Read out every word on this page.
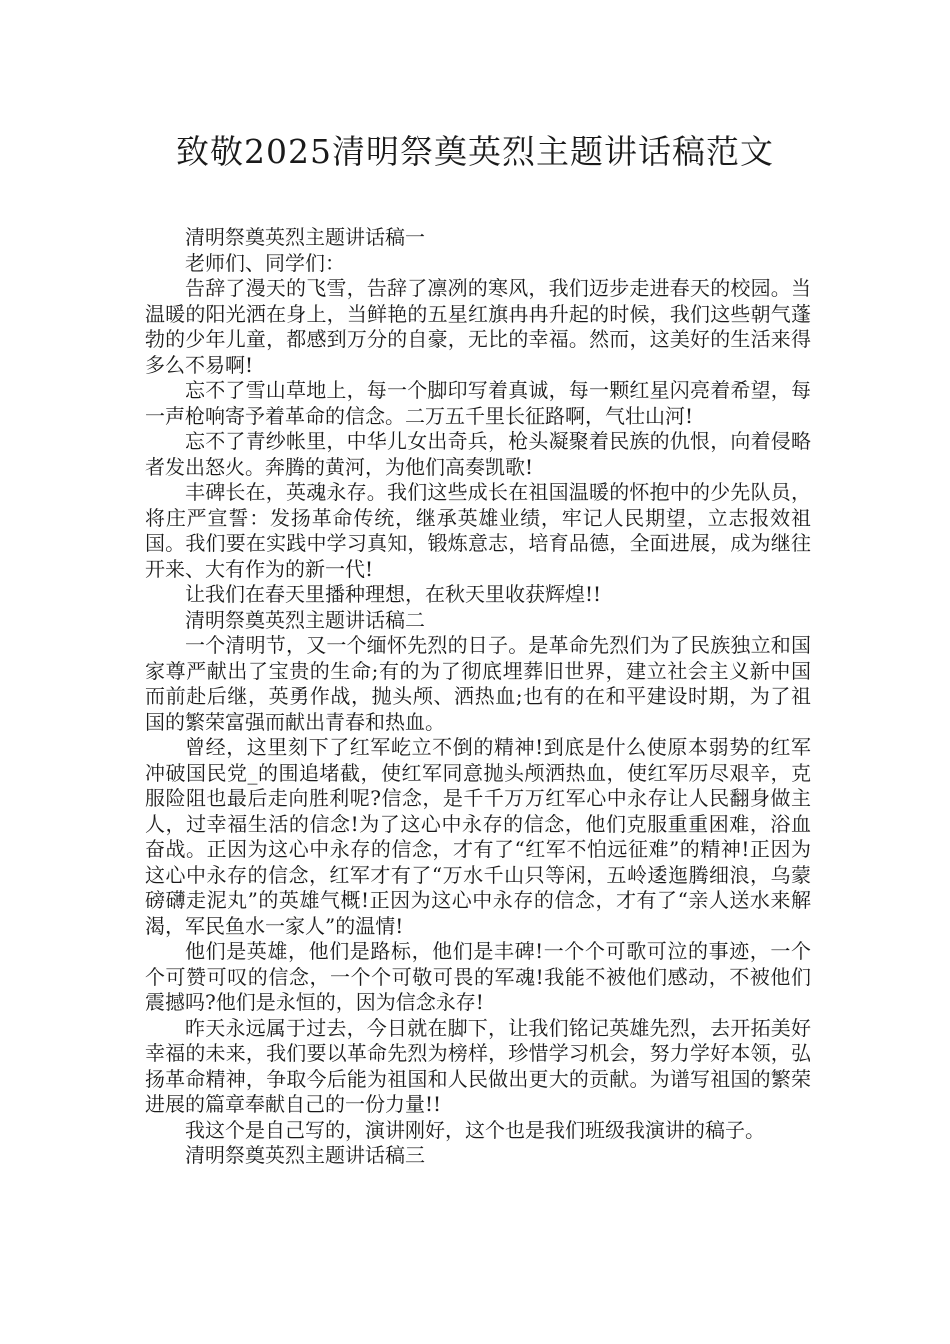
致敬2025清明祭奠英烈主题讲话稿范文

清明祭奠英烈主题讲话稿一

老师们、同学们：

告辞了漫天的飞雪，告辞了凛冽的寒风，我们迈步走进春天的校园。当温暖的阳光洒在身上，当鲜艳的五星红旗冉冉升起的时候，我们这些朝气蓬勃的少年儿童，都感到万分的自豪，无比的幸福。然而，这美好的生活来得多么不易啊!

忘不了雪山草地上，每一个脚印写着真诚，每一颗红星闪亮着希望，每一声枪响寄予着革命的信念。二万五千里长征路啊，气壮山河!

忘不了青纱帐里，中华儿女出奇兵，枪头凝聚着民族的仇恨，向着侵略者发出怒火。奔腾的黄河，为他们高奏凯歌!

丰碑长在，英魂永存。我们这些成长在祖国温暖的怀抱中的少先队员，将庄严宣誓：发扬革命传统，继承英雄业绩，牢记人民期望，立志报效祖国。我们要在实践中学习真知，锻炼意志，培育品德，全面进展，成为继往开来、大有作为的新一代!

让我们在春天里播种理想，在秋天里收获辉煌!!

清明祭奠英烈主题讲话稿二

一个清明节，又一个缅怀先烈的日子。是革命先烈们为了民族独立和国家尊严献出了宝贵的生命;有的为了彻底埋葬旧世界，建立社会主义新中国而前赴后继，英勇作战，抛头颅、洒热血;也有的在和平建设时期，为了祖国的繁荣富强而献出青春和热血。

曾经，这里刻下了红军屹立不倒的精神!到底是什么使原本弱势的红军冲破国民党_的围追堵截，使红军同意抛头颅洒热血，使红军历尽艰辛，克服险阻也最后走向胜利呢?信念，是千千万万红军心中永存让人民翻身做主人，过幸福生活的信念!为了这心中永存的信念，他们克服重重困难，浴血奋战。正因为这心中永存的信念，才有了“红军不怕远征难”的精神!正因为这心中永存的信念，红军才有了“万水千山只等闲，五岭逶迤腾细浪，乌蒙磅礴走泥丸”的英雄气概!正因为这心中永存的信念，才有了“亲人送水来解渴，军民鱼水一家人”的温情!

他们是英雄，他们是路标，他们是丰碑!一个个可歌可泣的事迹，一个个可赞可叹的信念，一个个可敬可畏的军魂!我能不被他们感动，不被他们震撼吗?他们是永恒的，因为信念永存!

昨天永远属于过去，今日就在脚下，让我们铭记英雄先烈，去开拓美好幸福的未来，我们要以革命先烈为榜样，珍惜学习机会，努力学好本领，弘扬革命精神，争取今后能为祖国和人民做出更大的贡献。为谱写祖国的繁荣进展的篇章奉献自己的一份力量!!

我这个是自己写的，演讲刚好，这个也是我们班级我演讲的稿子。

清明祭奠英烈主题讲话稿三
